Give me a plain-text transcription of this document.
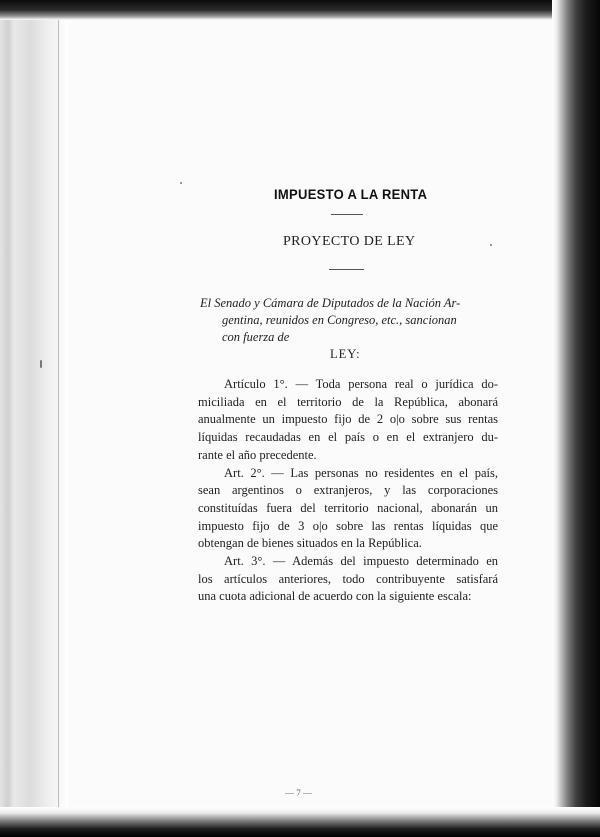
IMPUESTO A LA RENTA
PROYECTO DE LEY
El Senado y Cámara de Diputados de la Nación Ar-
gentina, reunidos en Congreso, etc., sancionan
con fuerza de
LEY:
Artículo 1°. — Toda persona real o jurídica do-
miciliada en el territorio de la República, abonará
anualmente un impuesto fijo de 2 o|o sobre sus rentas
líquidas recaudadas en el país o en el extranjero du-
rante el año precedente.
Art. 2°. — Las personas no residentes en el país,
sean argentinos o extranjeros, y las corporaciones
constituídas fuera del territorio nacional, abonarán un
impuesto fijo de 3 o|o sobre las rentas líquidas que
obtengan de bienes situados en la República.
Art. 3°. — Además del impuesto determinado en
los artículos anteriores, todo contribuyente satisfará
una cuota adicional de acuerdo con la siguiente escala:
— 7 —
